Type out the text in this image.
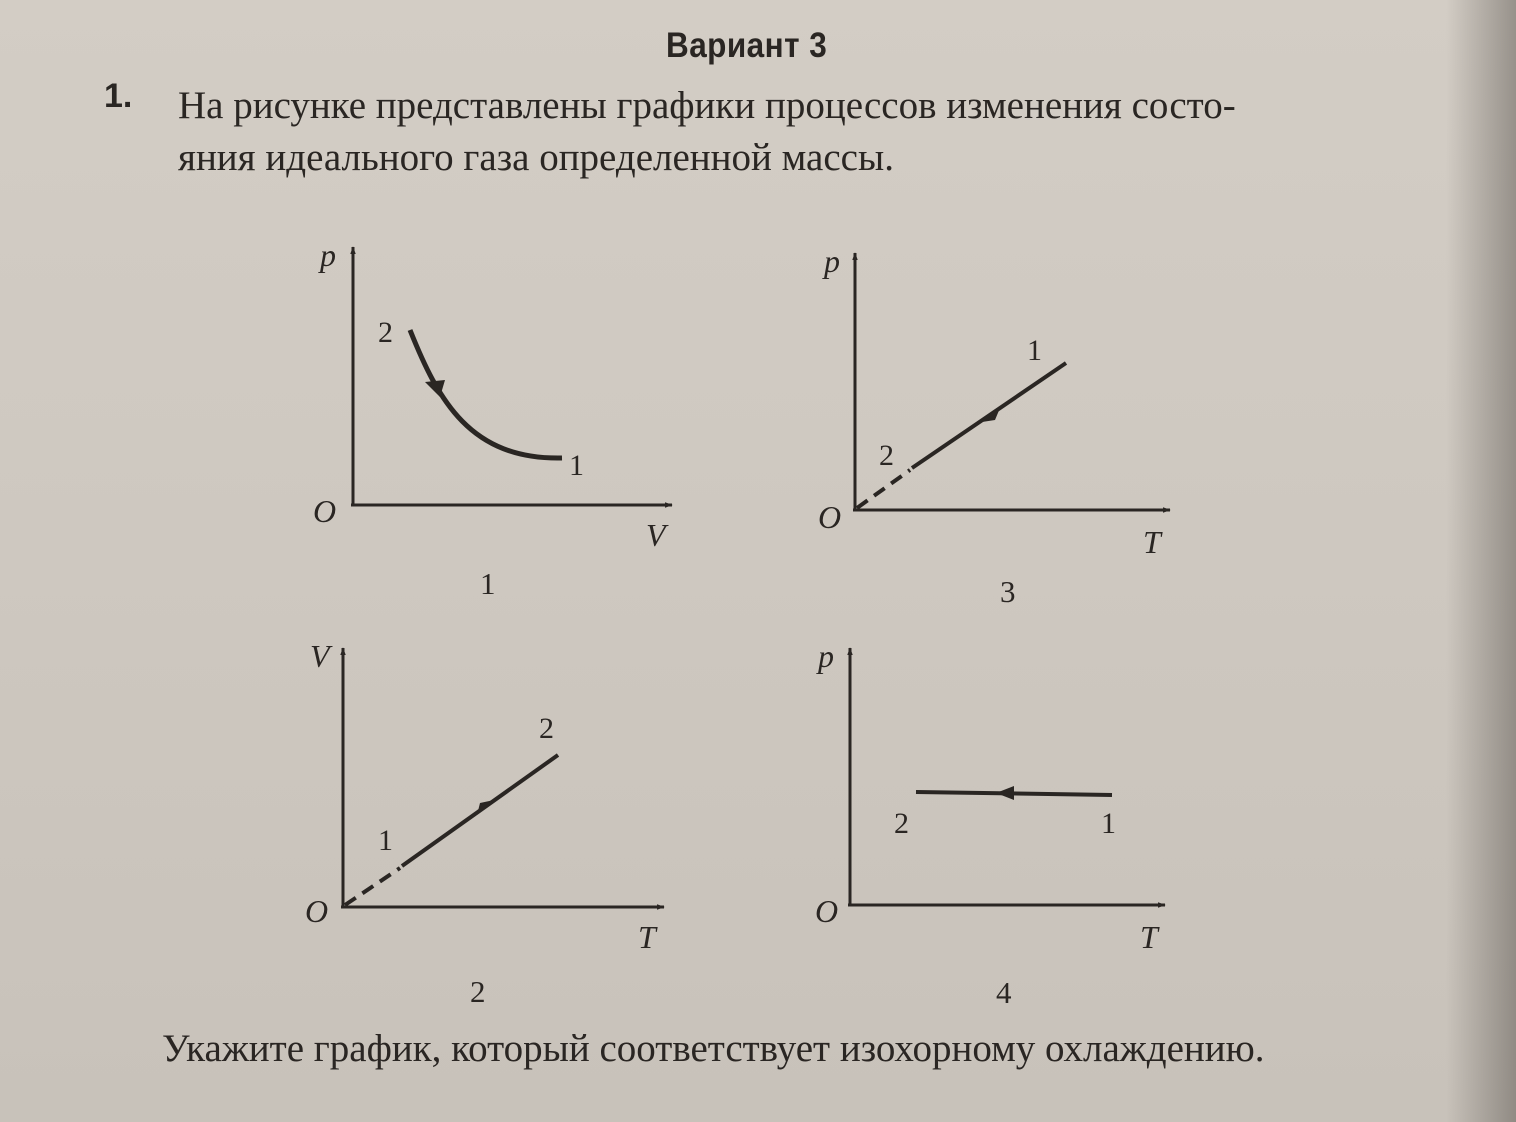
Вариант 3
1. На рисунке представлены графики процессов изменения состо-
яния идеального газа определенной массы.

p
V
O
2
1
1
p
T
O
2
1
3
V
T
O
1
2
2
p
T
O
2	1
4
Укажите график, который соответствует изохорному охлаждению.
